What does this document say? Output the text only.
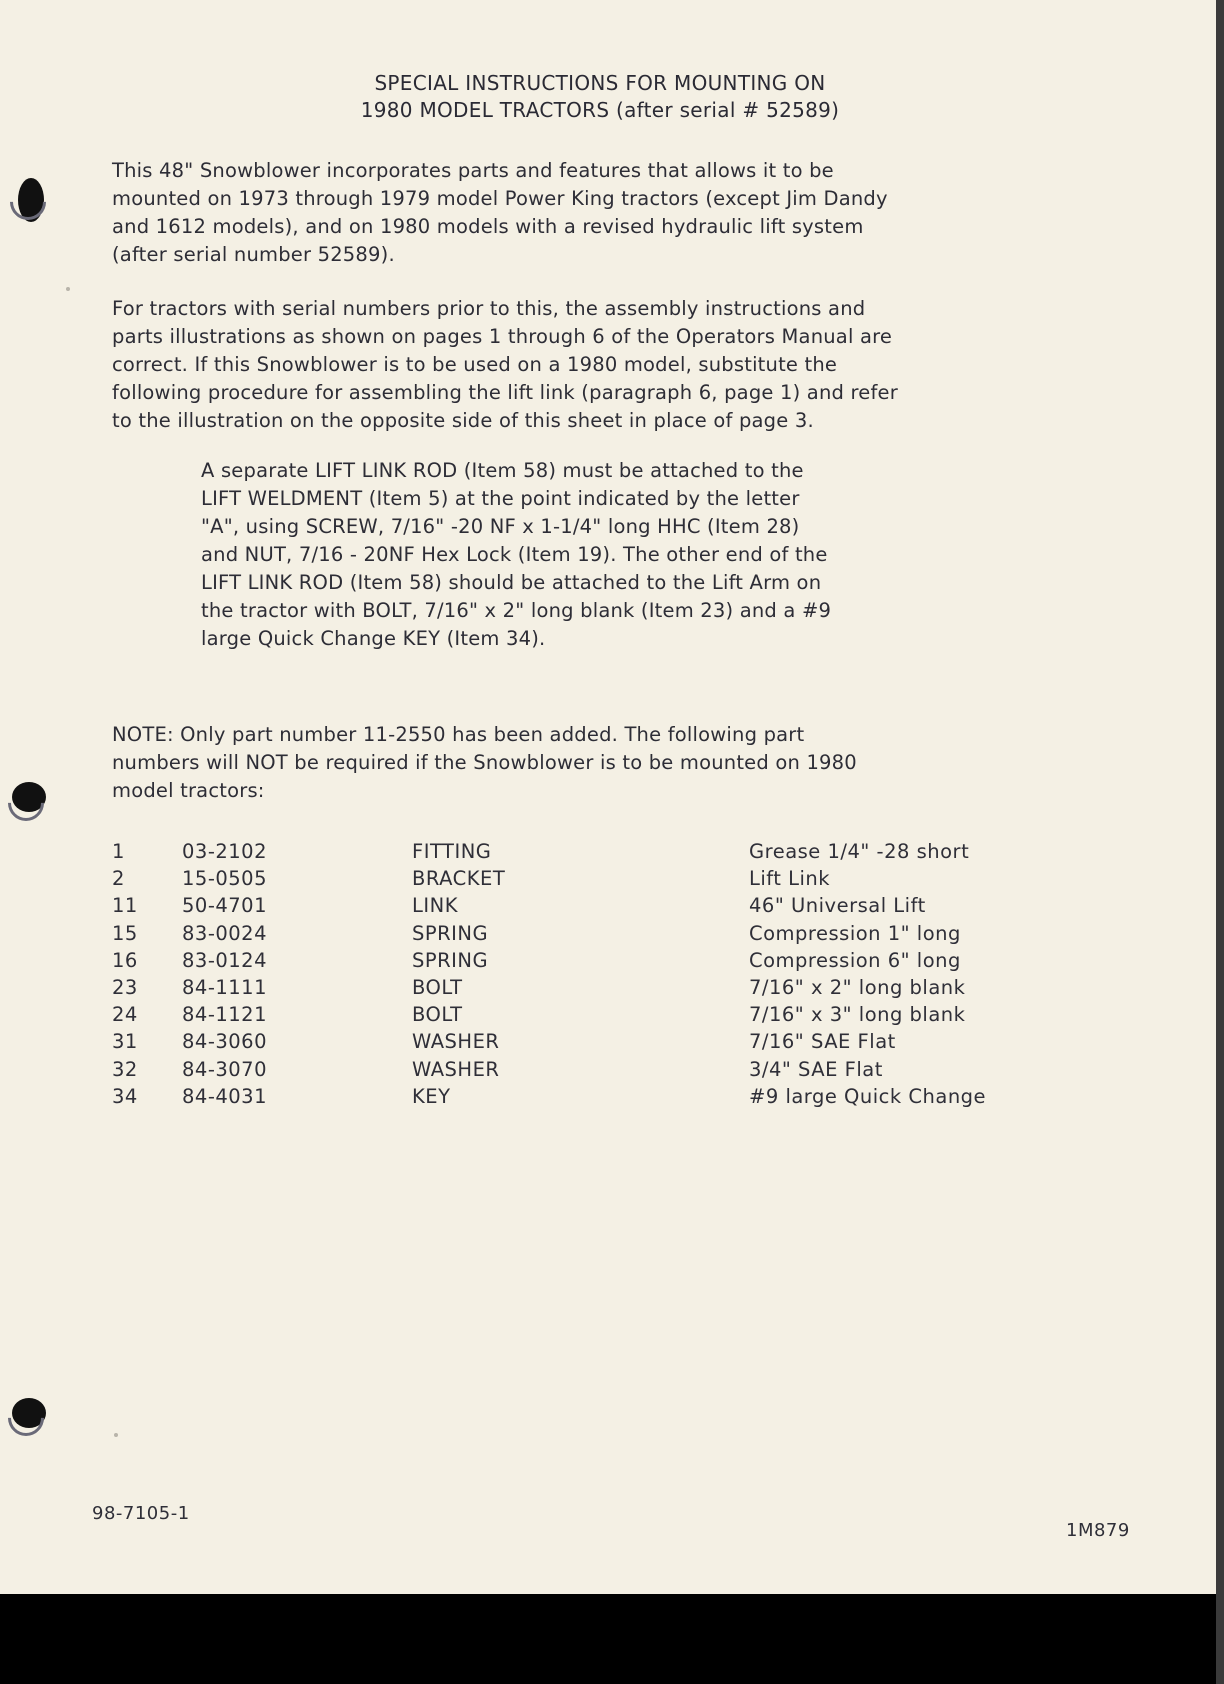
SPECIAL INSTRUCTIONS FOR MOUNTING ON
1980 MODEL TRACTORS (after serial # 52589)

This 48" Snowblower incorporates parts and features that allows it to be
mounted on 1973 through 1979 model Power King tractors (except Jim Dandy
and 1612 models), and on 1980 models with a revised hydraulic lift system
(after serial number 52589).

For tractors with serial numbers prior to this, the assembly instructions and
parts illustrations as shown on pages 1 through 6 of the Operators Manual are
correct. If this Snowblower is to be used on a 1980 model, substitute the
following procedure for assembling the lift link (paragraph 6, page 1) and refer
to the illustration on the opposite side of this sheet in place of page 3.

A separate LIFT LINK ROD (Item 58) must be attached to the
LIFT WELDMENT (Item 5) at the point indicated by the letter
"A", using SCREW, 7/16" -20 NF x 1-1/4" long HHC (Item 28)
and NUT, 7/16 - 20NF Hex Lock (Item 19). The other end of the
LIFT LINK ROD (Item 58) should be attached to the Lift Arm on
the tractor with BOLT, 7/16" x 2" long blank (Item 23) and a #9
large Quick Change KEY (Item 34).

NOTE: Only part number 11-2550 has been added. The following part
numbers will NOT be required if the Snowblower is to be mounted on 1980
model tractors:

1	03-2102	FITTING	Grease 1/4" -28 short
2	15-0505	BRACKET	Lift Link
11 50-4701	LINK	46" Universal Lift
15 83-0024	SPRING	Compression 1" long
16 83-0124	SPRING	Compression 6" long
23 84-1111	BOLT	7/16" x 2" long blank
24 84-1121	BOLT	7/16" x 3" long blank
31 84-3060	WASHER	7/16" SAE Flat
32 84-3070	WASHER	3/4" SAE Flat
34 84-4031	KEY	#9 large Quick Change
98-7105-1
1M879
